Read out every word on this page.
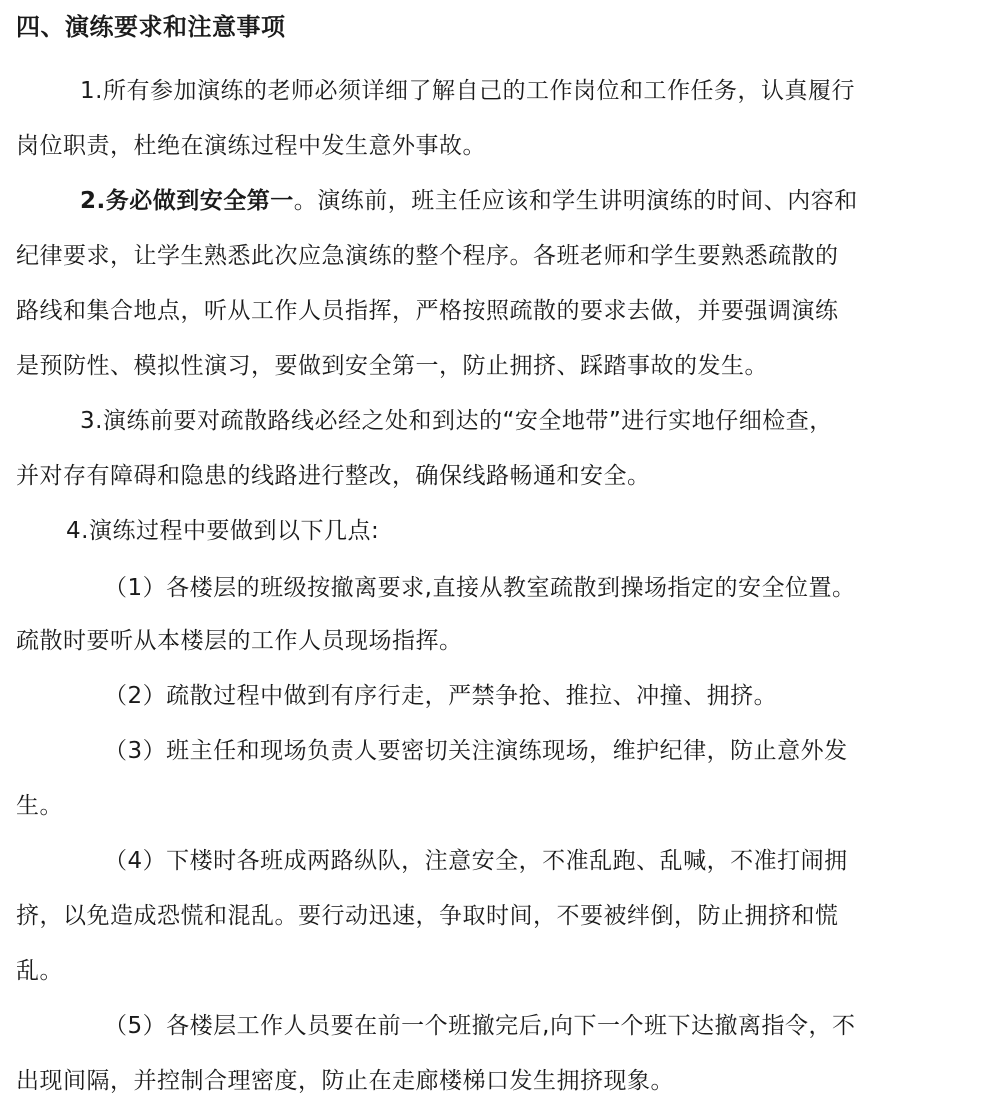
四、演练要求和注意事项
1.所有参加演练的老师必须详细了解自己的工作岗位和工作任务，认真履行
岗位职责，杜绝在演练过程中发生意外事故。
2.务必做到安全第一。演练前，班主任应该和学生讲明演练的时间、内容和
纪律要求，让学生熟悉此次应急演练的整个程序。各班老师和学生要熟悉疏散的
路线和集合地点，听从工作人员指挥，严格按照疏散的要求去做，并要强调演练
是预防性、模拟性演习，要做到安全第一，防止拥挤、踩踏事故的发生。
3.演练前要对疏散路线必经之处和到达的“安全地带”进行实地仔细检查，
并对存有障碍和隐患的线路进行整改，确保线路畅通和安全。
4.演练过程中要做到以下几点:
（1）各楼层的班级按撤离要求,直接从教室疏散到操场指定的安全位置。
疏散时要听从本楼层的工作人员现场指挥。
（2）疏散过程中做到有序行走，严禁争抢、推拉、冲撞、拥挤。
（3）班主任和现场负责人要密切关注演练现场，维护纪律，防止意外发
生。
（4）下楼时各班成两路纵队，注意安全，不准乱跑、乱喊，不准打闹拥
挤，以免造成恐慌和混乱。要行动迅速，争取时间，不要被绊倒，防止拥挤和慌
乱。
（5）各楼层工作人员要在前一个班撤完后,向下一个班下达撤离指令，不
出现间隔，并控制合理密度，防止在走廊楼梯口发生拥挤现象。
